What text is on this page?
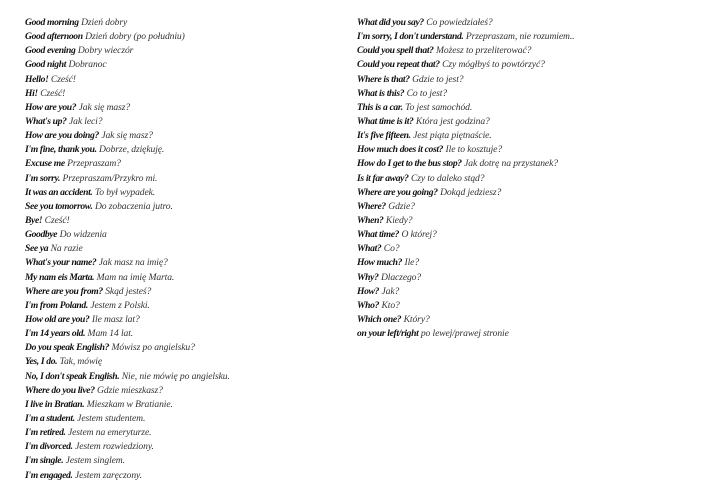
Good morning Dzień dobry
Good afternoon Dzień dobry (po południu)
Good evening Dobry wieczór
Good night Dobranoc
Hello! Cześć!
Hi! Cześć!
How are you? Jak się masz?
What's up? Jak leci?
How are you doing? Jak się masz?
I'm fine, thank you. Dobrze, dziękuję.
Excuse me Przepraszam?
I'm sorry. Przepraszam/Przykro mi.
It was an accident. To był wypadek.
See you tomorrow. Do zobaczenia jutro.
Bye! Cześć!
Goodbye Do widzenia
See ya Na razie
What's your name? Jak masz na imię?
My nam eis Marta. Mam na imię Marta.
Where are you from? Skąd jesteś?
I'm from Poland. Jestem z Polski.
How old are you? Ile masz lat?
I'm 14 years old. Mam 14 lat.
Do you speak English? Mówisz po angielsku?
Yes, I do. Tak, mówię
No, I don't speak English. Nie, nie mówię po angielsku.
Where do you live? Gdzie mieszkasz?
I live in Bratian. Mieszkam w Bratianie.
I'm a student. Jestem studentem.
I'm retired. Jestem na emeryturze.
I'm divorced. Jestem rozwiedziony.
I'm single. Jestem singlem.
I'm engaged. Jestem zaręczony.
What did you say? Co powiedziałeś?
I'm sorry, I don't understand. Przepraszam, nie rozumiem..
Could you spell that? Możesz to przeliterować?
Could you repeat that? Czy mógłbyś to powtórzyć?
Where is that? Gdzie to jest?
What is this? Co to jest?
This is a car. To jest samochód.
What time is it? Która jest godzina?
It's five fifteen. Jest piąta piętnaście.
How much does it cost? Ile to kosztuje?
How do I get to the bus stop? Jak dotrę na przystanek?
Is it far away? Czy to daleko stąd?
Where are you going? Dokąd jedziesz?
Where? Gdzie?
When? Kiedy?
What time? O której?
What? Co?
How much? Ile?
Why? Dlaczego?
How? Jak?
Who? Kto?
Which one? Który?
on your left/right po lewej/prawej stronie
